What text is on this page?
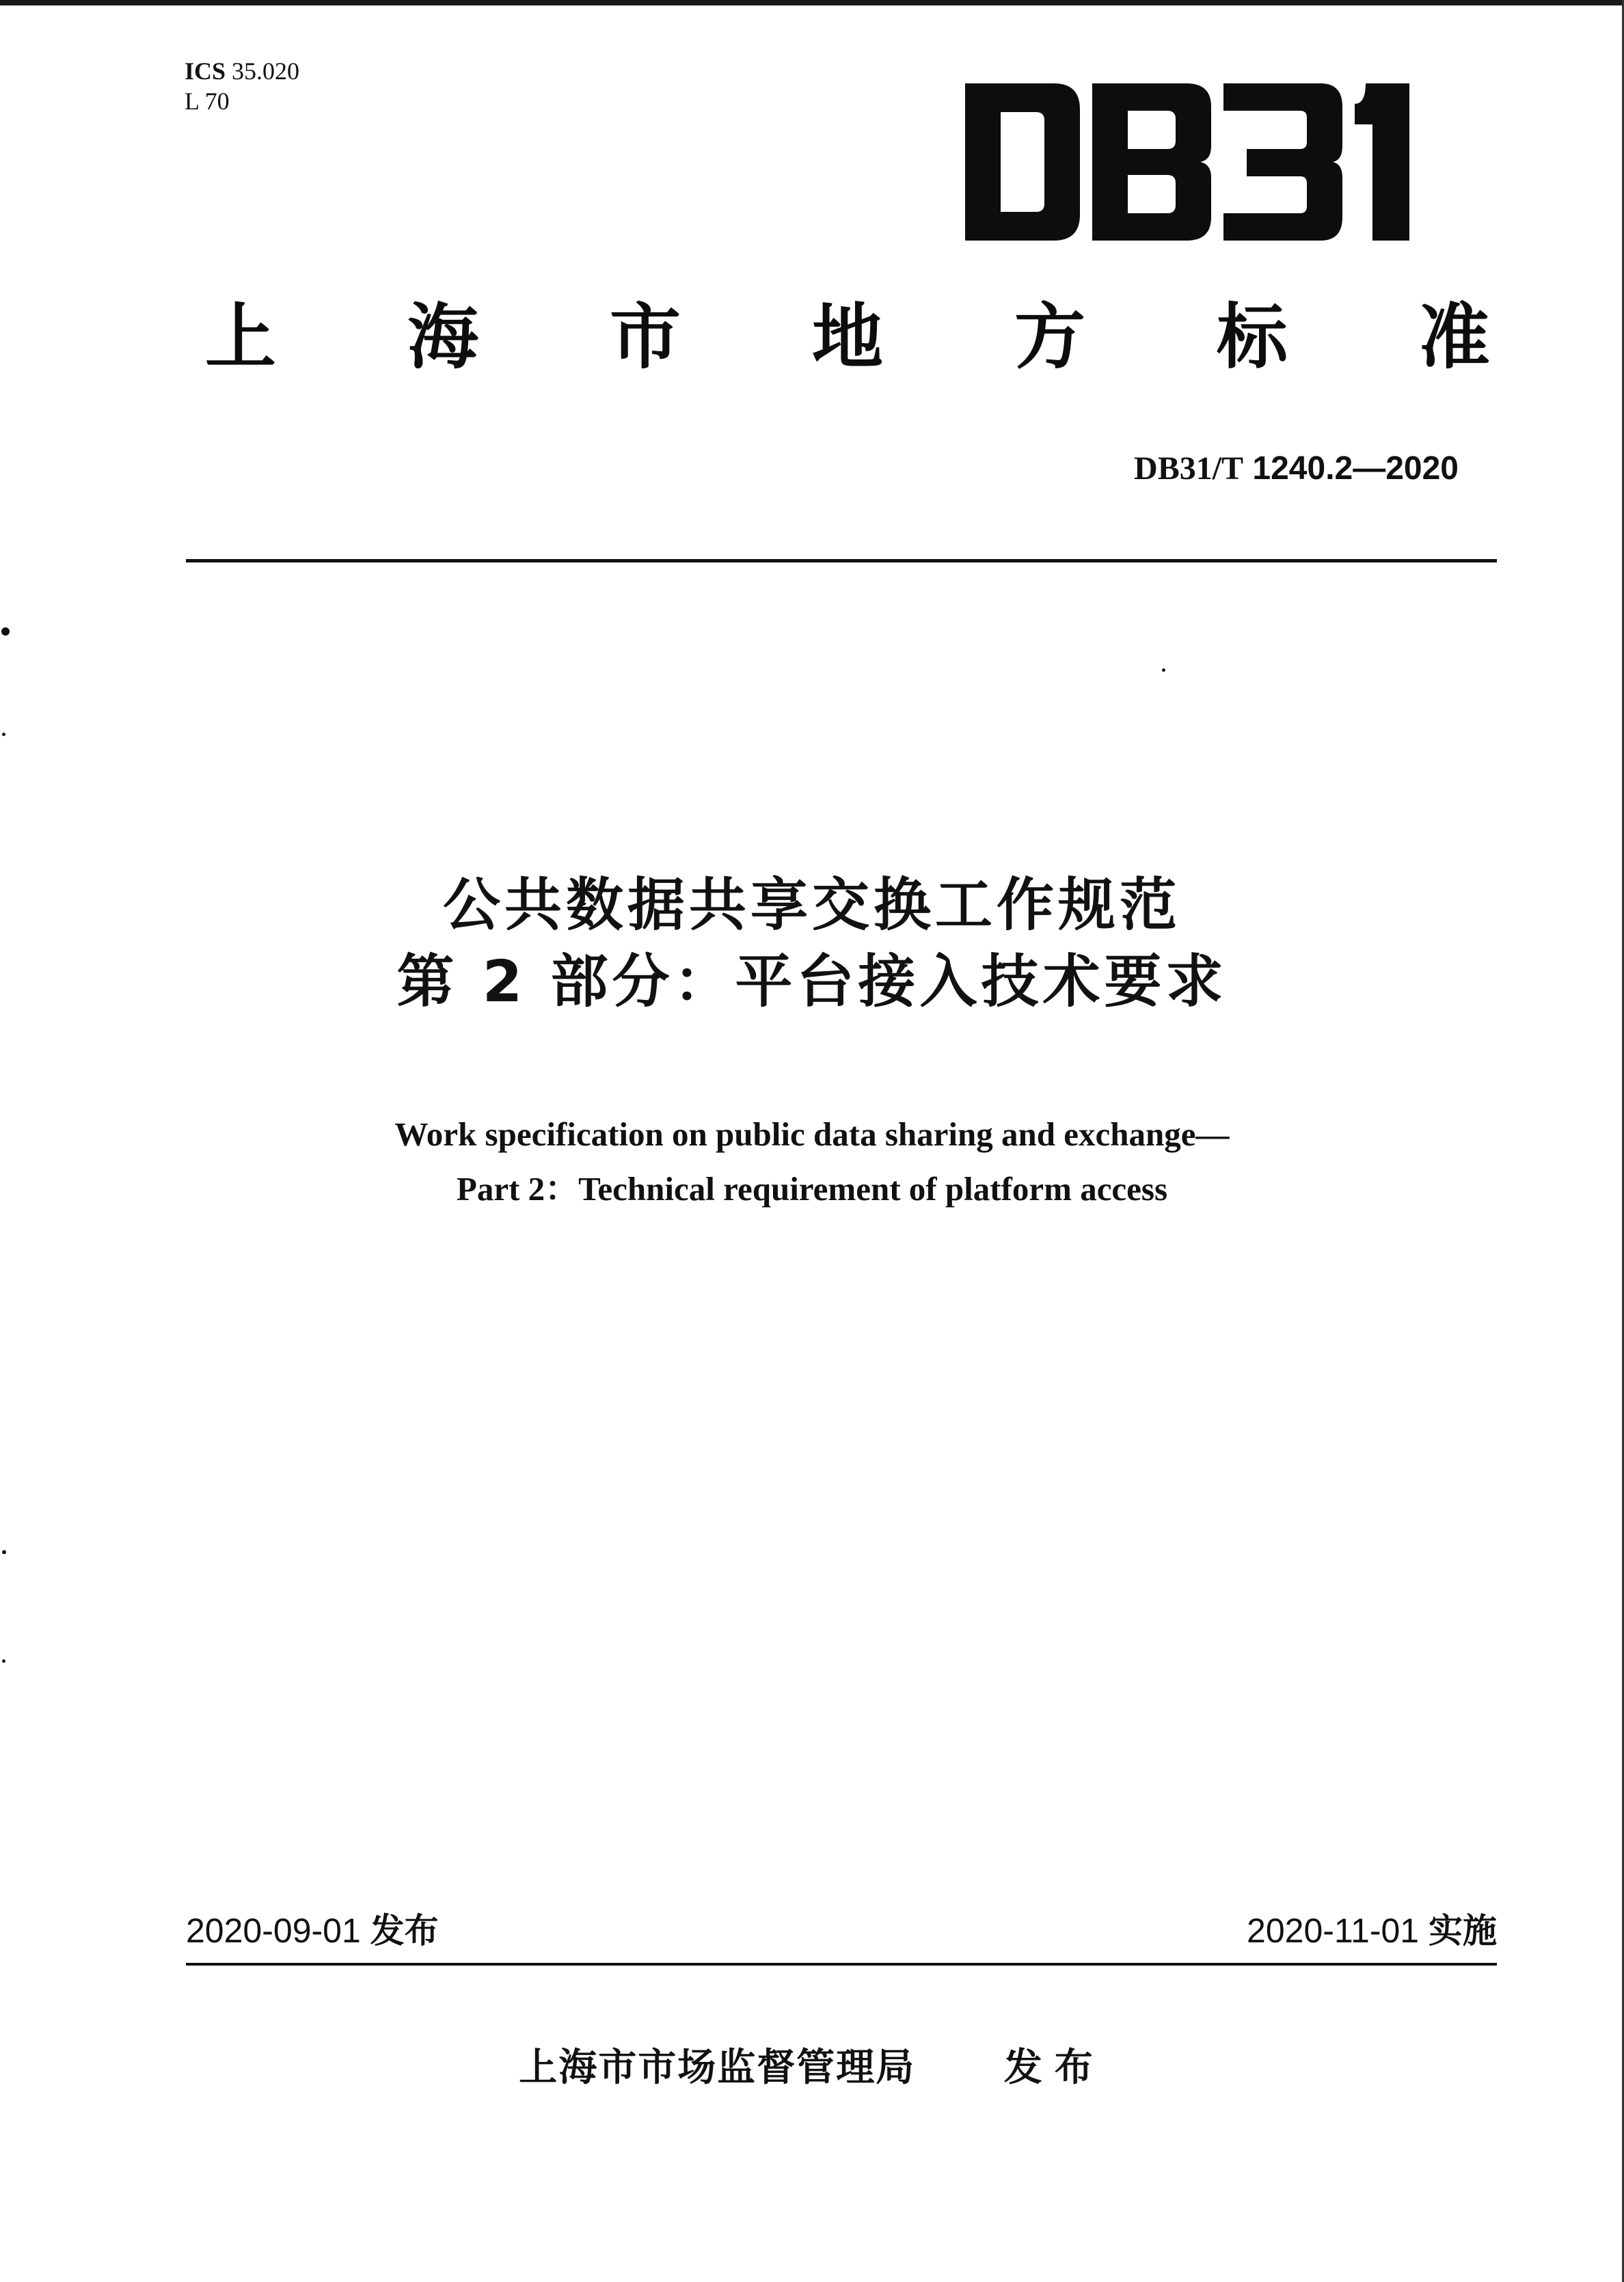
ICS 35.020
L 70
上 海 市 地 方 标 准
DB31/T 1240.2—2020
公共数据共享交换工作规范
第 2 部分：平台接入技术要求
Work specification on public data sharing and exchange—
Part 2：Technical requirement of platform access
2020-09-01 发布	2020-11-01 实施
上海市市场监督管理局 发布
